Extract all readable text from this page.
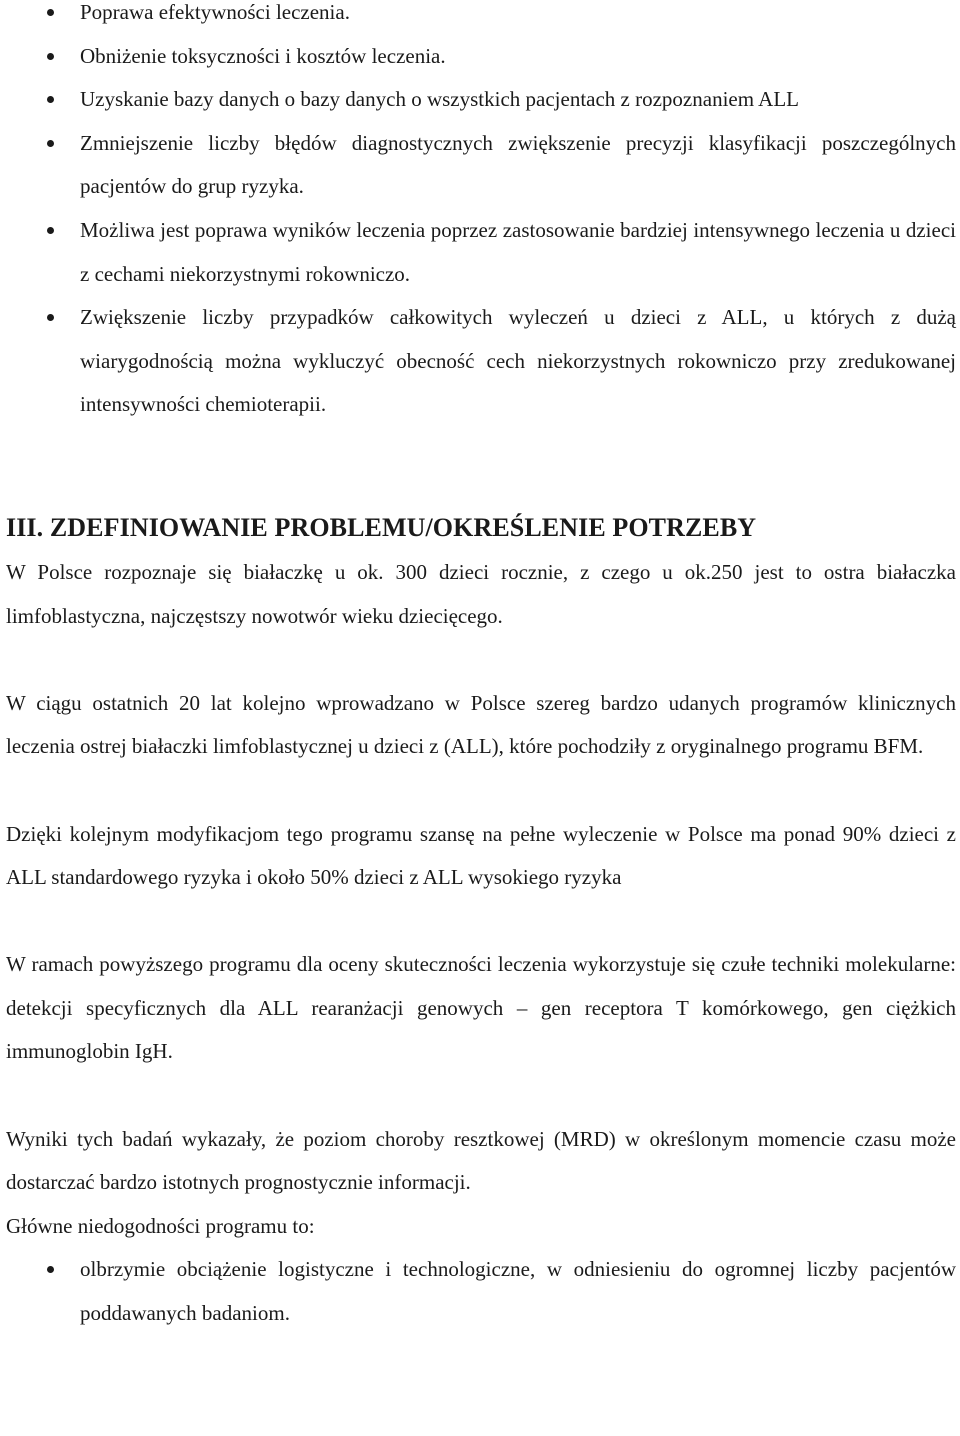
Poprawa efektywności leczenia.
Obniżenie toksyczności i kosztów leczenia.
Uzyskanie bazy danych o bazy danych o wszystkich pacjentach z rozpoznaniem ALL
Zmniejszenie liczby błędów diagnostycznych zwiększenie precyzji klasyfikacji poszczególnych pacjentów do grup ryzyka.
Możliwa jest poprawa wyników leczenia poprzez zastosowanie bardziej intensywnego leczenia u dzieci z cechami niekorzystnymi rokowniczo.
Zwiększenie liczby przypadków całkowitych wyleczeń u dzieci z ALL, u których z dużą wiarygodnością można wykluczyć obecność cech niekorzystnych rokowniczo przy zredukowanej intensywności chemioterapii.
III. ZDEFINIOWANIE PROBLEMU/OKREŚLENIE POTRZEBY

W Polsce rozpoznaje się białaczkę u ok. 300 dzieci rocznie, z czego u ok.250 jest to ostra białaczka limfoblastyczna, najczęstszy nowotwór wieku dziecięcego.

W ciągu ostatnich 20 lat kolejno wprowadzano w Polsce szereg bardzo udanych programów klinicznych leczenia ostrej białaczki limfoblastycznej u dzieci z (ALL), które pochodziły z oryginalnego programu BFM.

Dzięki kolejnym modyfikacjom tego programu szansę na pełne wyleczenie w Polsce ma ponad 90% dzieci z ALL standardowego ryzyka i około 50% dzieci z ALL wysokiego ryzyka

W ramach powyższego programu dla oceny skuteczności leczenia wykorzystuje się czułe techniki molekularne: detekcji specyficznych dla ALL rearanżacji genowych – gen receptora T komórkowego, gen ciężkich immunoglobin IgH.

Wyniki tych badań wykazały, że poziom choroby resztkowej (MRD) w określonym momencie czasu może dostarczać bardzo istotnych prognostycznie informacji.

Główne niedogodności programu to:

olbrzymie obciążenie logistyczne i technologiczne, w odniesieniu do ogromnej liczby pacjentów poddawanych badaniom.
